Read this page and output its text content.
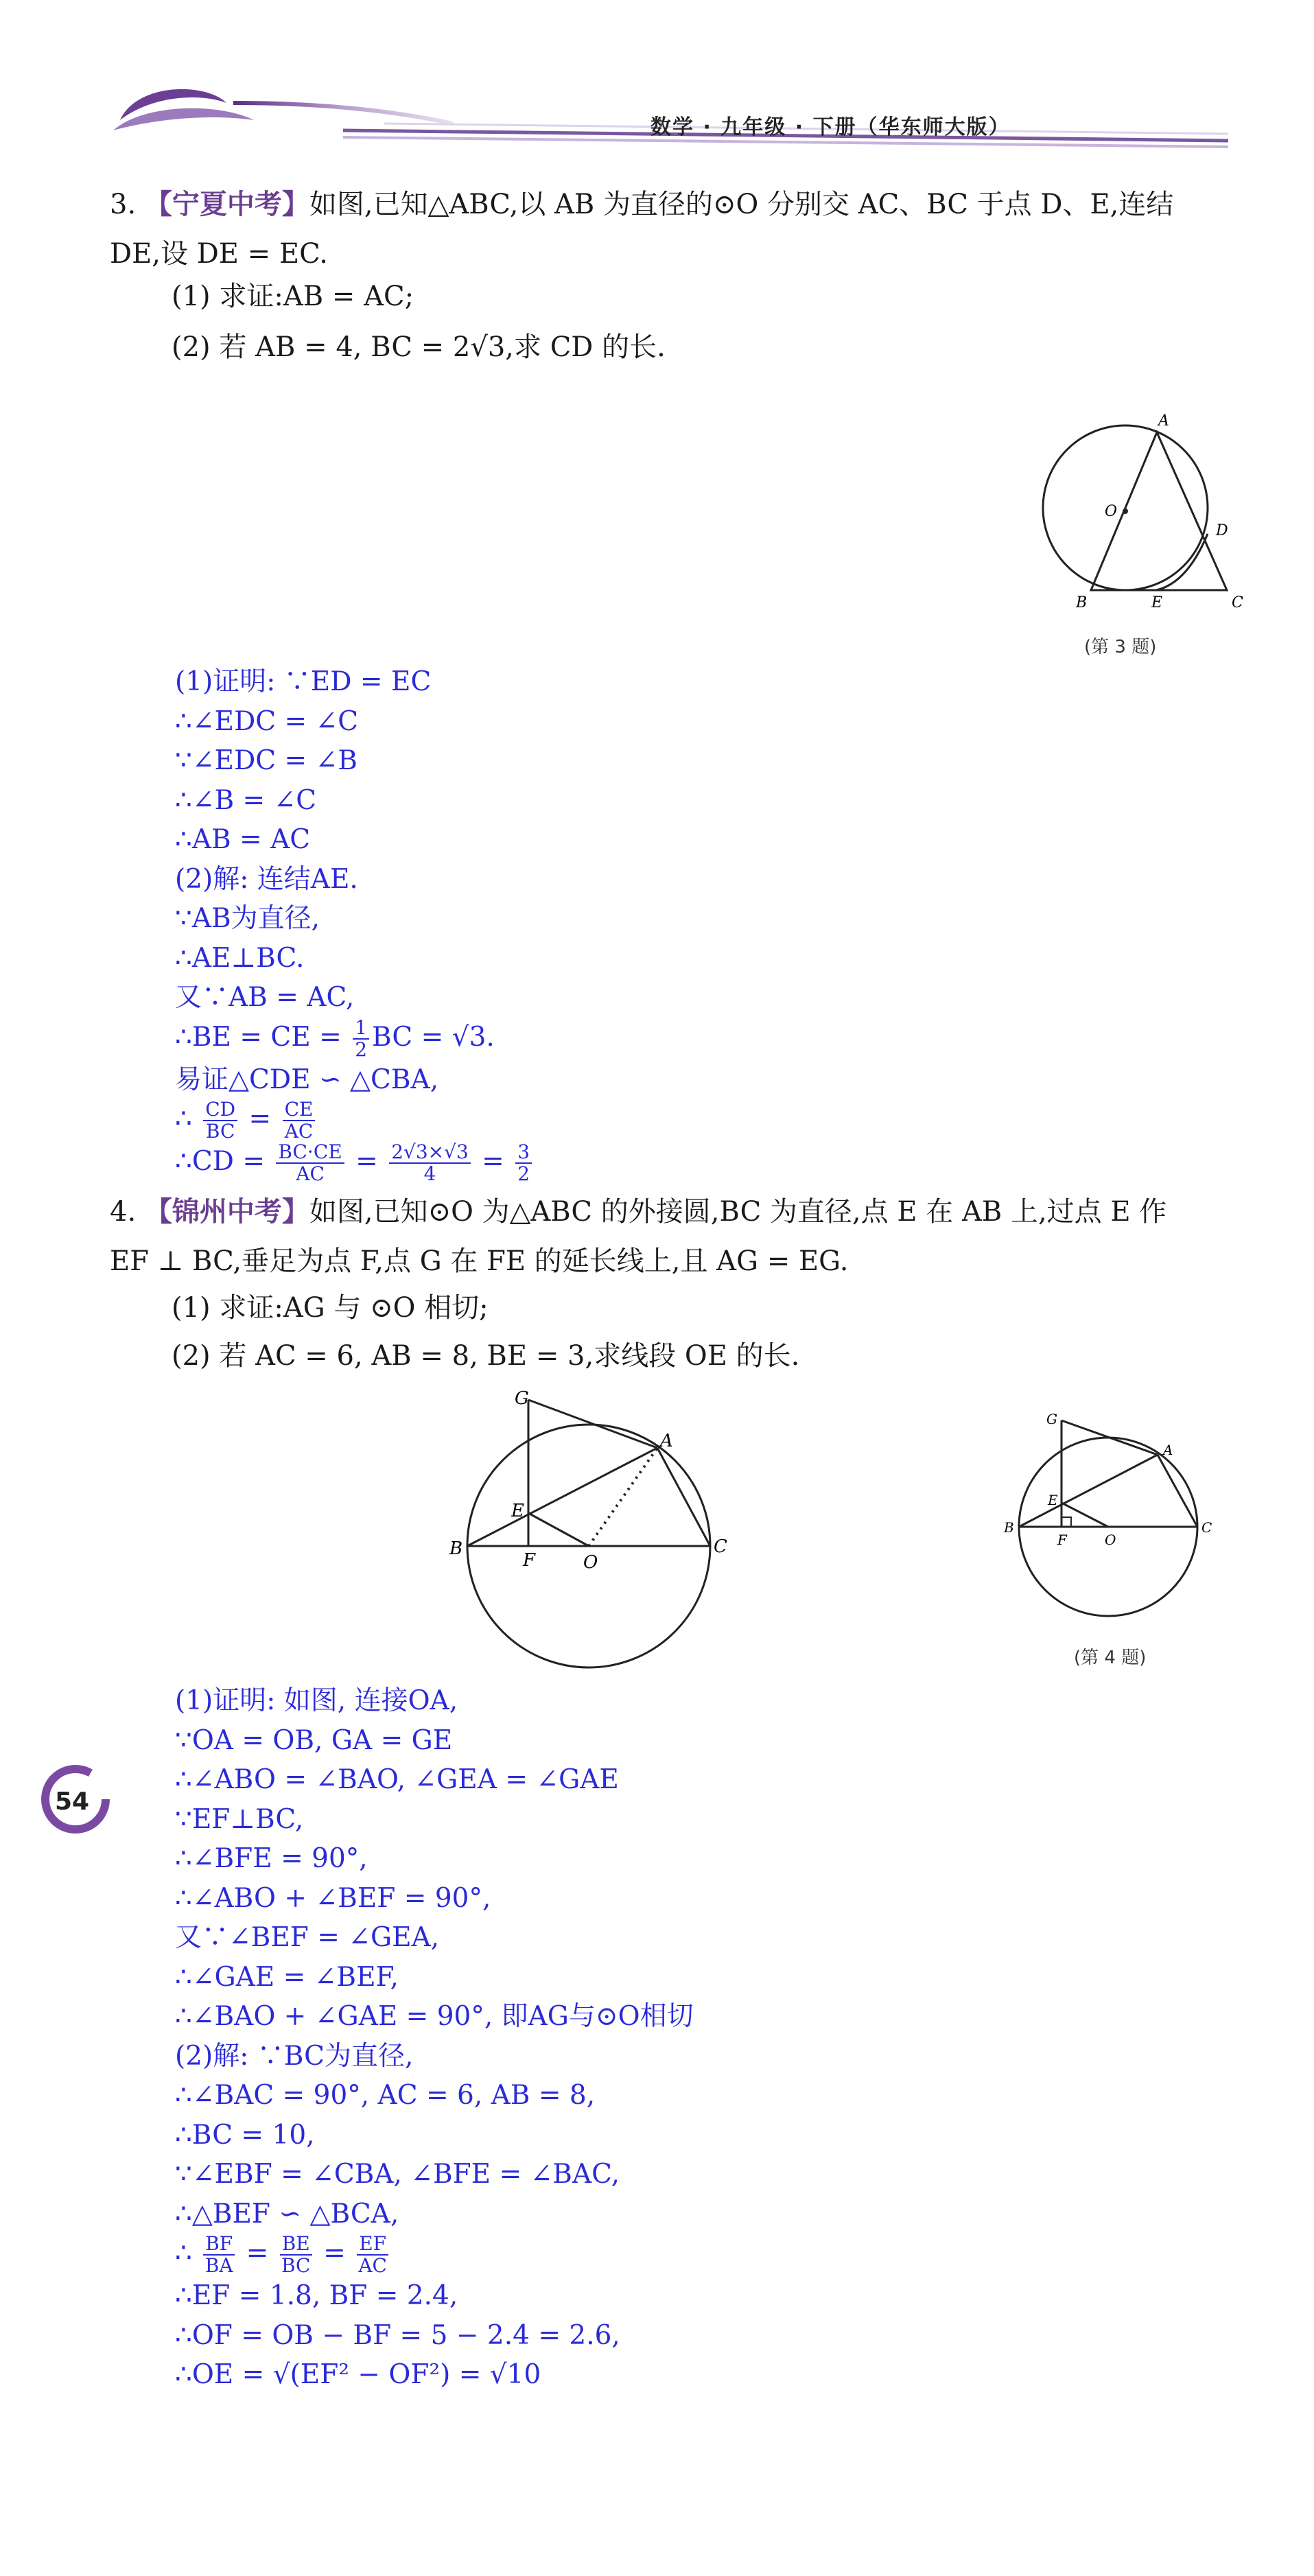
数学 · 九年级 · 下册（华东师大版）

3. 【宁夏中考】如图,已知△ABC,以 AB 为直径的⊙O 分别交 AC、BC 于点 D、E,连结

DE,设 DE = EC.

(1) 求证:AB = AC;
(2) 若 AB = 4, BC = 2√3,求 CD 的长.
A
O
D
B	E	C
(第 3 题)
(1)证明: ∵ED = EC
∴∠EDC = ∠C
∵∠EDC = ∠B
∴∠B = ∠C
∴AB = AC
(2)解: 连结AE.
∵AB为直径,
∴AE⊥BC.
又∵AB = AC,
∴BE = CE = $\frac{1}{2}$ BC = √3.
易证△CDE ∽ △CBA,
∴ $\frac{CD}{BC} = \frac{CE}{AC}$
∴CD = $\frac{BC\cdot CE}{AC} = \frac{2√3\times√3}{4} = \frac{3}{2}$

4. 【锦州中考】如图,已知⊙O 为△ABC 的外接圆,BC 为直径,点 E 在 AB 上,过点 E 作

EF ⊥ BC,垂足为点 F,点 G 在 FE 的延长线上,且 AG = EG.

(1) 求证:AG 与 ⊙O 相切;
(2) 若 AC = 6, AB = 8, BE = 3,求线段 OE 的长.
G
A
E
B
F	O
C
G
A
E
B
F	O
C
(第 4 题)
54
(1)证明: 如图, 连接OA,
∵OA = OB, GA = GE
∴∠ABO = ∠BAO, ∠GEA = ∠GAE
∵EF⊥BC,
∴∠BFE = 90°,
∴∠ABO + ∠BEF = 90°,
又∵∠BEF = ∠GEA,
∴∠GAE = ∠BEF,
∴∠BAO + ∠GAE = 90°, 即AG与⊙O相切
(2)解: ∵BC为直径,
∴∠BAC = 90°, AC = 6, AB = 8,
∴BC = 10,
∵∠EBF = ∠CBA, ∠BFE = ∠BAC,
∴△BEF ∽ △BCA,
∴ $\frac{BF}{BA} = \frac{BE}{BC} = \frac{EF}{AC}$
∴EF = 1.8, BF = 2.4,
∴OF = OB − BF = 5 − 2.4 = 2.6,
∴OE = √(EF² − OF²) = √10
